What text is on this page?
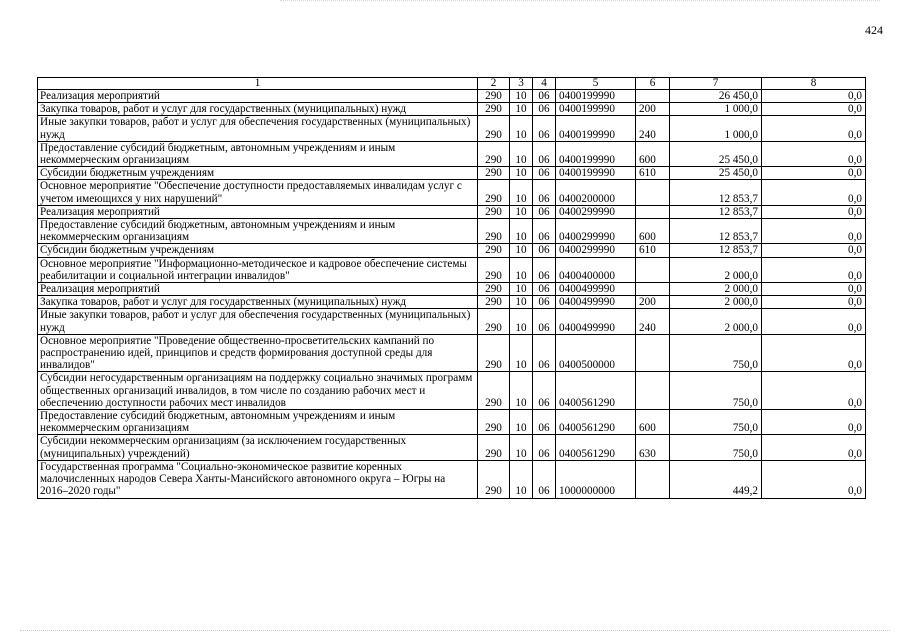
424
1	2	3	4	5	6	7	8
Реализация мероприятий	290	10	06	0400199990		26 450,0	0,0
Закупка товаров, работ и услуг для государственных (муниципальных) нужд	290	10	06	0400199990	200	1 000,0	0,0
Иные закупки товаров, работ и услуг для обеспечения государственных (муниципальных) нужд	290	10	06	0400199990	240	1 000,0	0,0
Предоставление субсидий бюджетным, автономным учреждениям и иным некоммерческим организациям	290	10	06	0400199990	600	25 450,0	0,0
Субсидии бюджетным учреждениям	290	10	06	0400199990	610	25 450,0	0,0
Основное мероприятие "Обеспечение доступности предоставляемых инвалидам услуг с учетом имеющихся у них нарушений"	290	10	06	0400200000		12 853,7	0,0
Реализация мероприятий	290	10	06	0400299990		12 853,7	0,0
Предоставление субсидий бюджетным, автономным учреждениям и иным некоммерческим организациям	290	10	06	0400299990	600	12 853,7	0,0
Субсидии бюджетным учреждениям	290	10	06	0400299990	610	12 853,7	0,0
Основное мероприятие "Информационно-методическое и кадровое обеспечение системы реабилитации и социальной интеграции инвалидов"	290	10	06	0400400000		2 000,0	0,0
Реализация мероприятий	290	10	06	0400499990		2 000,0	0,0
Закупка товаров, работ и услуг для государственных (муниципальных) нужд	290	10	06	0400499990	200	2 000,0	0,0
Иные закупки товаров, работ и услуг для обеспечения государственных (муниципальных) нужд	290	10	06	0400499990	240	2 000,0	0,0
Основное мероприятие "Проведение общественно-просветительских кампаний по распространению идей, принципов и средств формирования доступной среды для инвалидов"	290	10	06	0400500000		750,0	0,0
Субсидии негосударственным организациям на поддержку социально значимых программ общественных организаций инвалидов, в том числе по созданию рабочих мест и обеспечению доступности рабочих мест инвалидов	290	10	06	0400561290		750,0	0,0
Предоставление субсидий бюджетным, автономным учреждениям и иным некоммерческим организациям	290	10	06	0400561290	600	750,0	0,0
Субсидии некоммерческим организациям (за исключением государственных (муниципальных) учреждений)	290	10	06	0400561290	630	750,0	0,0
Государственная программа "Социально-экономическое развитие коренных малочисленных народов Севера Ханты-Мансийского автономного округа – Югры на 2016–2020 годы"	290	10	06	1000000000		449,2	0,0
